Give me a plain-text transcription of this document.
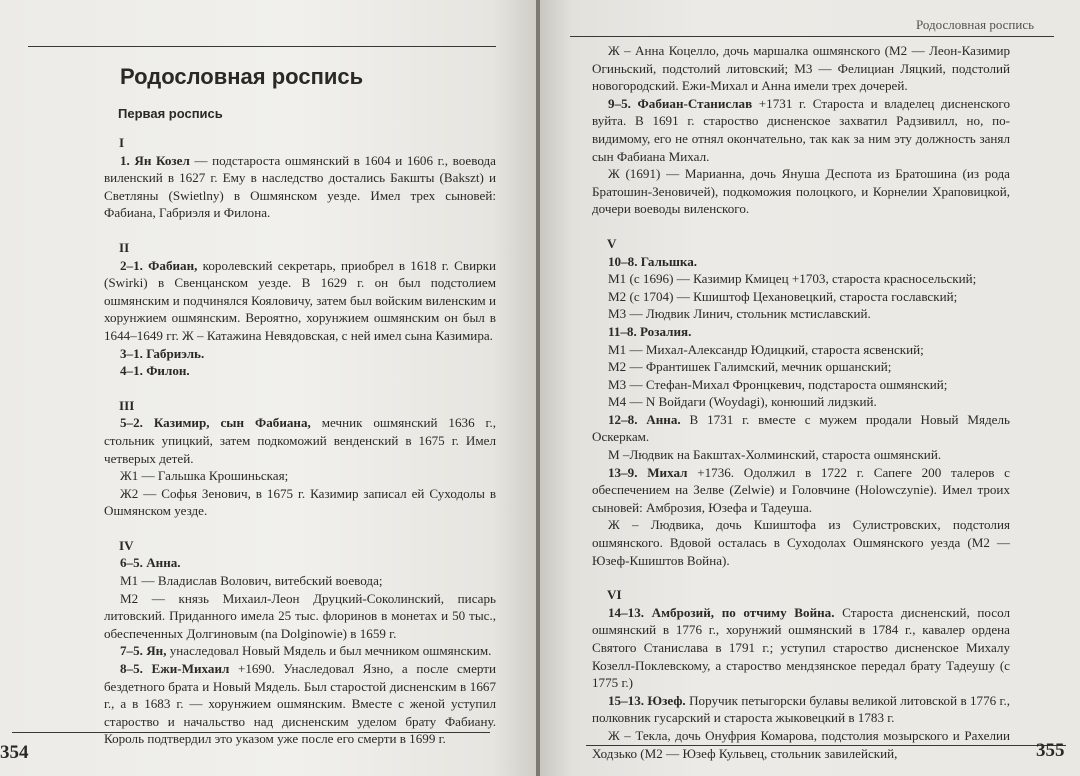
Родословная роспись
Первая роспись

I

1. Ян Козел — подстароста ошмянский в 1604 и 1606 г., воевода виленский в 1627 г. Ему в наследство достались Бакшты (Bakszt) и Светляны (Swietlny) в Ошмянском уезде. Имел трех сыновей: Фабиана, Габриэля и Филона.

II

2–1. Фабиан, королевский секретарь, приобрел в 1618 г. Свирки (Swirki) в Свенцанском уезде. В 1629 г. он был подстолием ошмянским и подчинялся Кояловичу, затем был войским виленским и хорунжием ошмянским. Вероятно, хорунжием ошмянским он был в 1644–1649 гг. Ж – Катажина Невядовская, с ней имел сына Казимира.

3–1. Габриэль.

4–1. Филон.

III

5–2. Казимир, сын Фабиана, мечник ошмянский 1636 г., стольник упицкий, затем подкоможий венденский в 1675 г. Имел четверых детей.

Ж1 — Гальшка Крошиньская;

Ж2 — Софья Зенович, в 1675 г. Казимир записал ей Суходолы в Ошмянском уезде.

IV

6–5. Анна.

М1 — Владислав Волович, витебский воевода;

М2 — князь Михаил-Леон Друцкий-Соколинский, писарь литовский. Приданного имела 25 тыс. флоринов в монетах и 50 тыс., обеспеченных Долгиновым (na Dolginowie) в 1659 г.

7–5. Ян, унаследовал Новый Мядель и был мечником ошмянским.

8–5. Ежи-Михаил +1690. Унаследовал Язно, а после смерти бездетного брата и Новый Мядель. Был старостой дисненским в 1667 г., а в 1683 г. — хорунжием ошмянским. Вместе с женой уступил староство и начальство над дисненским уделом брату Фабиану. Король подтвердил это указом уже после его смерти в 1699 г.

354
Родословная роспись

Ж – Анна Коцелло, дочь маршалка ошмянского (М2 — Леон-Казимир Огиньский, подстолий литовский; М3 — Фелициан Ляцкий, подстолий новогородский. Ежи-Михал и Анна имели трех дочерей.

9–5. Фабиан-Станислав +1731 г. Староста и владелец дисненского вуйта. В 1691 г. староство дисненское захватил Радзивилл, но, по-видимому, его не отнял окончательно, так как за ним эту должность занял сын Фабиана Михал.

Ж (1691) — Марианна, дочь Януша Деспота из Братошина (из рода Братошин-Зеновичей), подкоможия полоцкого, и Корнелии Храповицкой, дочери воеводы виленского.

V

10–8. Гальшка.

М1 (с 1696) — Казимир Кмицец +1703, староста красносельский;

М2 (с 1704) — Кшиштоф Цехановецкий, староста гославский;

М3 — Людвик Линич, стольник мстиславский.

11–8. Розалия.

М1 — Михал-Александр Юдицкий, староста ясвенский;

М2 — Франтишек Галимский, мечник оршанский;

М3 — Стефан-Михал Фронцкевич, подстароста ошмянский;

М4 — N Войдаги (Woydagi), конюший лидзкий.

12–8. Анна. В 1731 г. вместе с мужем продали Новый Мядель Оскеркам.

М –Людвик на Бакштах-Холминский, староста ошмянский.

13–9. Михал +1736. Одолжил в 1722 г. Сапеге 200 талеров с обеспечением на Зелве (Zelwie) и Головчине (Holowczynie). Имел троих сыновей: Амброзия, Юзефа и Тадеуша.

Ж – Людвика, дочь Кшиштофа из Сулистровских, подстолия ошмянского. Вдовой осталась в Суходолах Ошмянского уезда (М2 — Юзеф-Кшиштов Война).

VI

14–13. Амброзий, по отчиму Война. Староста дисненский, посол ошмянский в 1776 г., хорунжий ошмянский в 1784 г., кавалер ордена Святого Станислава в 1791 г.; уступил староство дисненское Михалу Козелл-Поклевскому, а староство мендзянское передал брату Тадеушу (с 1775 г.)

15–13. Юзеф. Поручик петыгорски булавы великой литовской в 1776 г., полковник гусарский и староста жыковецкий в 1783 г.

Ж – Текла, дочь Онуфрия Комарова, подстолия мозырского и Рахелии Ходзько (М2 — Юзеф Кульвец, стольник завилейский,	355
